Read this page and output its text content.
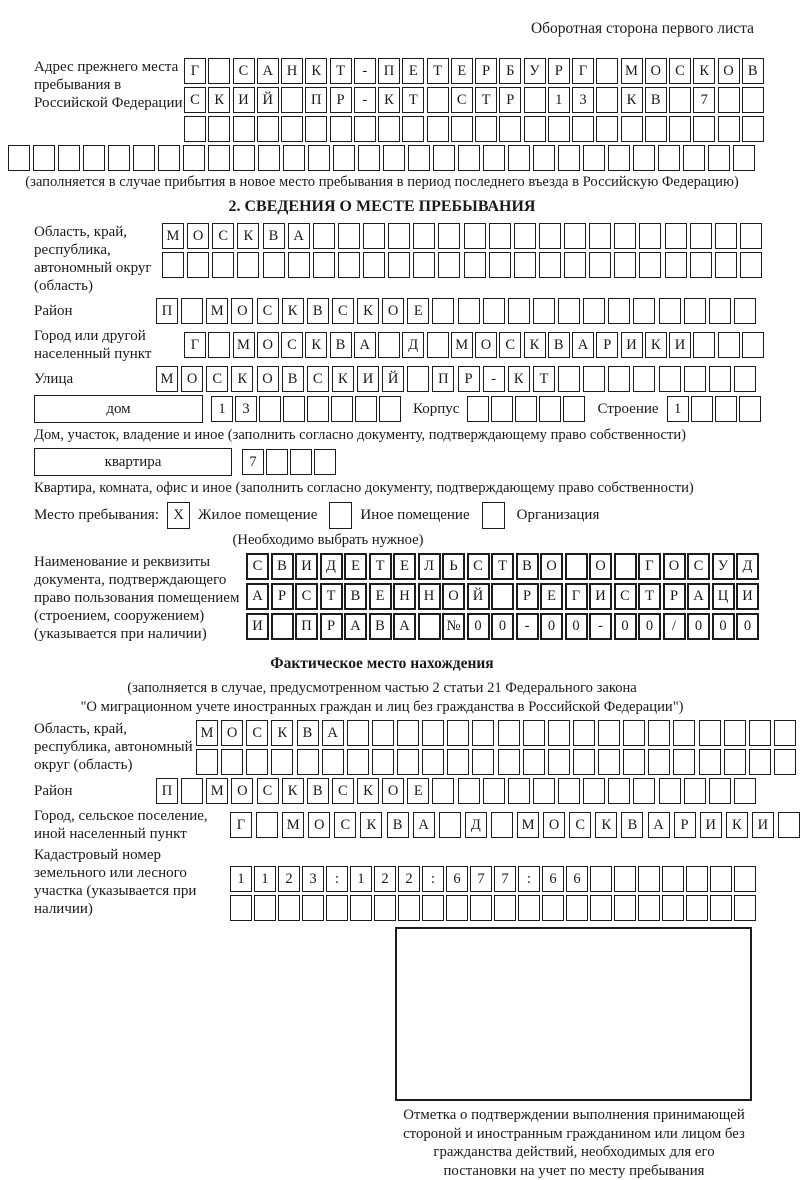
Оборотная сторона первого листа
Адрес прежнего места пребывания в Российской Федерации
Г	С А Н К	Т	-	П	Е	Т	Е	Р	Б	У	Р	Г	М О С	К О В
С	К И Й	П	Р	-	К	Т	С	Т	Р	1	3	К	В	7
(заполняется в случае прибытия в новое место пребывания в период последнего въезда в Российскую Федерацию)
2. СВЕДЕНИЯ О МЕСТЕ ПРЕБЫВАНИЯ
Область, край, республика, автономный округ (область)
М О	С	К	В	А
Район	П	М О	С	К	В	С	К	О	Е
Город или другой населенный пункт
Г	М О С	К	В А	Д	М О С	К	В А	Р	И К И
Улица	М О	С	К	О	В	С	К	И	Й	П	Р	-	К	Т
дом	1	3	Корпус	Строение	1
Дом, участок, владение и иное (заполнить согласно документу, подтверждающему право собственности)
квартира	7
Квартира, комната, офис и иное (заполнить согласно документу, подтверждающему право собственности)
Место пребывания: X Жилое помещение	Иное помещение	Организация
(Необходимо выбрать нужное)
Наименование и реквизиты документа, подтверждающего право пользования помещением (строением, сооружением) (указывается при наличии)
С	В И Д	Е	Т	Е	Л	Ь	С	Т	В О	О	Г	О С	У Д
А	Р	С	Т	В	Е	Н Н О Й	Р	Е	Г	И С	Т	Р	А Ц И
И	П	Р	А В А	№ 0	0	-	0	0	-	0	0	/	0	0	0
Фактическое место нахождения
(заполняется в случае, предусмотренном частью 2 статьи 21 Федерального закона
"О миграционном учете иностранных граждан и лиц без гражданства в Российской Федерации")
Область, край, республика, автономный округ (область)
М О	С	К	В	А
Район	П	М О	С	К	В	С	К	О	Е
Город, сельское поселение, иной населенный пункт
Г	М О	С	К	В	А	Д	М О	С	К	В	А	Р	И	К	И
Кадастровый номер земельного или лесного участка (указывается при наличии)
1	1	2	3	:	1	2	2	:	6	7	7	:	6	6
Отметка о подтверждении выполнения принимающей стороной и иностранным гражданином или лицом без гражданства действий, необходимых для его постановки на учет по месту пребывания
